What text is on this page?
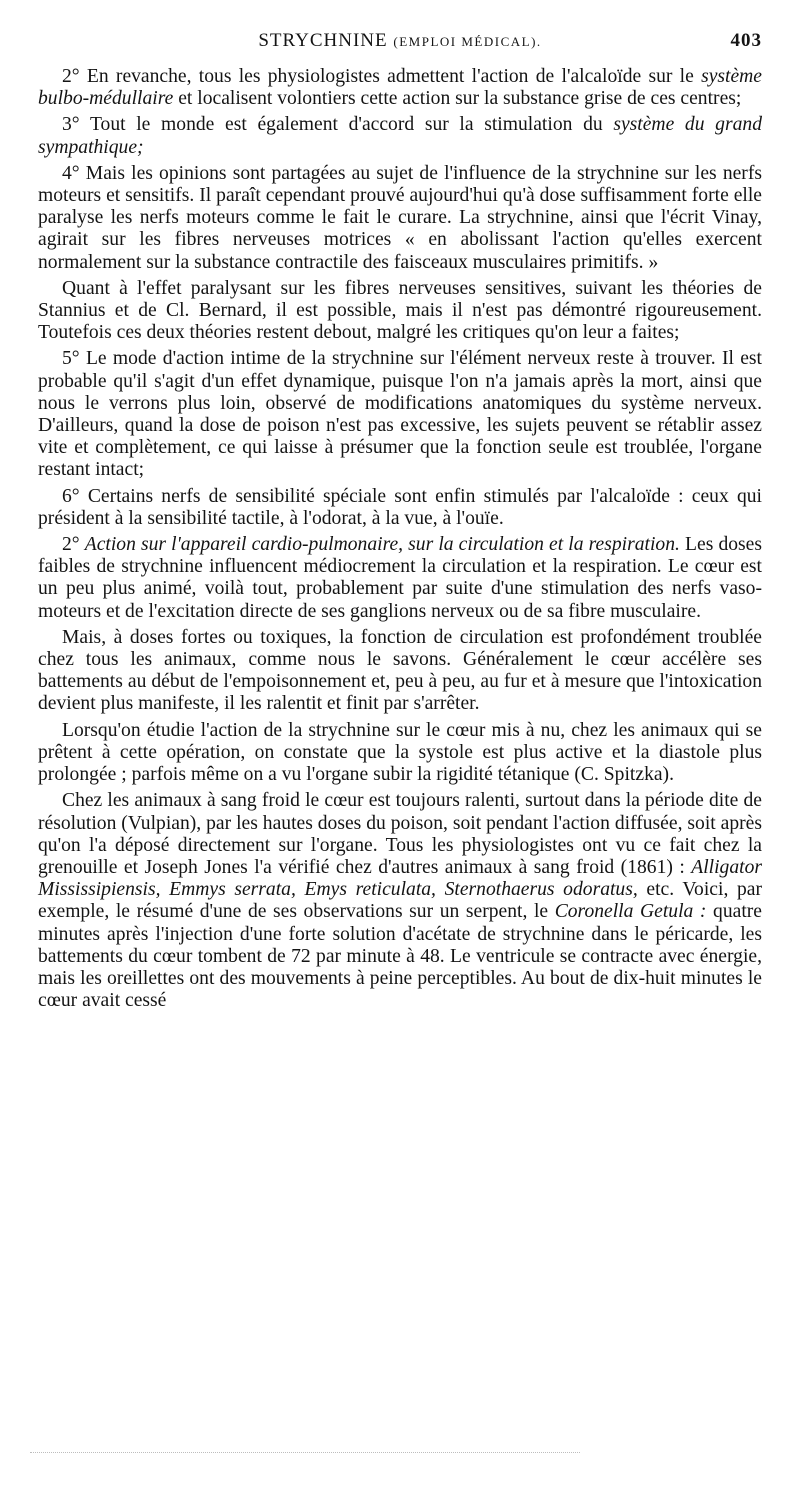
STRYCHNINE (EMPLOI MÉDICAL).	403

2° En revanche, tous les physiologistes admettent l'action de l'alcaloïde sur le système bulbo-médullaire et localisent volontiers cette action sur la substance grise de ces centres;

3° Tout le monde est également d'accord sur la stimulation du système du grand sympathique;

4° Mais les opinions sont partagées au sujet de l'influence de la strychnine sur les nerfs moteurs et sensitifs. Il paraît cependant prouvé aujourd'hui qu'à dose suffisamment forte elle paralyse les nerfs moteurs comme le fait le curare. La strychnine, ainsi que l'écrit Vinay, agirait sur les fibres nerveuses motrices « en abolissant l'action qu'elles exercent normalement sur la substance contractile des faisceaux musculaires primitifs. »

Quant à l'effet paralysant sur les fibres nerveuses sensitives, suivant les théories de Stannius et de Cl. Bernard, il est possible, mais il n'est pas démontré rigoureusement. Toutefois ces deux théories restent debout, malgré les critiques qu'on leur a faites;

5° Le mode d'action intime de la strychnine sur l'élément nerveux reste à trouver. Il est probable qu'il s'agit d'un effet dynamique, puisque l'on n'a jamais après la mort, ainsi que nous le verrons plus loin, observé de modifications anatomiques du système nerveux. D'ailleurs, quand la dose de poison n'est pas excessive, les sujets peuvent se rétablir assez vite et complètement, ce qui laisse à présumer que la fonction seule est troublée, l'organe restant intact;

6° Certains nerfs de sensibilité spéciale sont enfin stimulés par l'alcaloïde : ceux qui président à la sensibilité tactile, à l'odorat, à la vue, à l'ouïe.

2° Action sur l'appareil cardio-pulmonaire, sur la circulation et la respiration. Les doses faibles de strychnine influencent médiocrement la circulation et la respiration. Le cœur est un peu plus animé, voilà tout, probablement par suite d'une stimulation des nerfs vaso-moteurs et de l'excitation directe de ses ganglions nerveux ou de sa fibre musculaire.

Mais, à doses fortes ou toxiques, la fonction de circulation est profondément troublée chez tous les animaux, comme nous le savons. Généralement le cœur accélère ses battements au début de l'empoisonnement et, peu à peu, au fur et à mesure que l'intoxication devient plus manifeste, il les ralentit et finit par s'arrêter.

Lorsqu'on étudie l'action de la strychnine sur le cœur mis à nu, chez les animaux qui se prêtent à cette opération, on constate que la systole est plus active et la diastole plus prolongée ; parfois même on a vu l'organe subir la rigidité tétanique (C. Spitzka).

Chez les animaux à sang froid le cœur est toujours ralenti, surtout dans la période dite de résolution (Vulpian), par les hautes doses du poison, soit pendant l'action diffusée, soit après qu'on l'a déposé directement sur l'organe. Tous les physiologistes ont vu ce fait chez la grenouille et Joseph Jones l'a vérifié chez d'autres animaux à sang froid (1861) : Alligator Mississipiensis, Emmys serrata, Emys reticulata, Sternothaerus odoratus, etc. Voici, par exemple, le résumé d'une de ses observations sur un serpent, le Coronella Getula : quatre minutes après l'injection d'une forte solution d'acétate de strychnine dans le péricarde, les battements du cœur tombent de 72 par minute à 48. Le ventricule se contracte avec énergie, mais les oreillettes ont des mouvements à peine perceptibles. Au bout de dix-huit minutes le cœur avait cessé
